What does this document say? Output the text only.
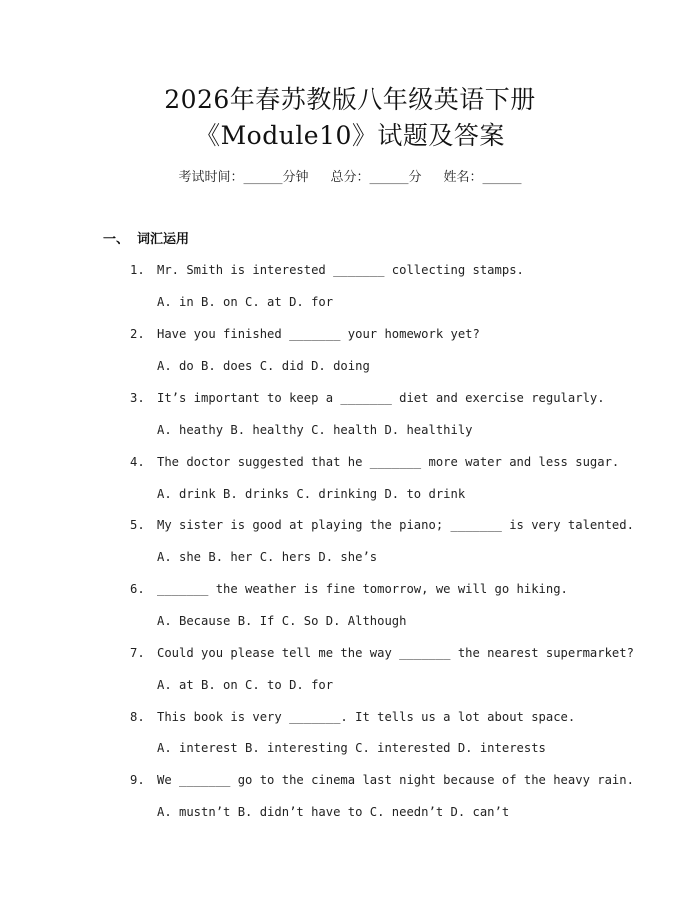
2026年春苏教版八年级英语下册
《Module10》试题及答案
考试时间：______分钟 总分：______分 姓名：______
一、 词汇运用
1. Mr. Smith is interested _______ collecting stamps.
A. in B. on C. at D. for
2. Have you finished _______ your homework yet?
A. do B. does C. did D. doing
3. It’s important to keep a _______ diet and exercise regularly.
A. heathy B. healthy C. health D. healthily
4. The doctor suggested that he _______ more water and less sugar.
A. drink B. drinks C. drinking D. to drink
5. My sister is good at playing the piano; _______ is very talented.
A. she B. her C. hers D. she’s
6. _______ the weather is fine tomorrow, we will go hiking.
A. Because B. If C. So D. Although
7. Could you please tell me the way _______ the nearest supermarket?
A. at B. on C. to D. for
8. This book is very _______. It tells us a lot about space.
A. interest B. interesting C. interested D. interests
9. We _______ go to the cinema last night because of the heavy rain.
A. mustn’t B. didn’t have to C. needn’t D. can’t
